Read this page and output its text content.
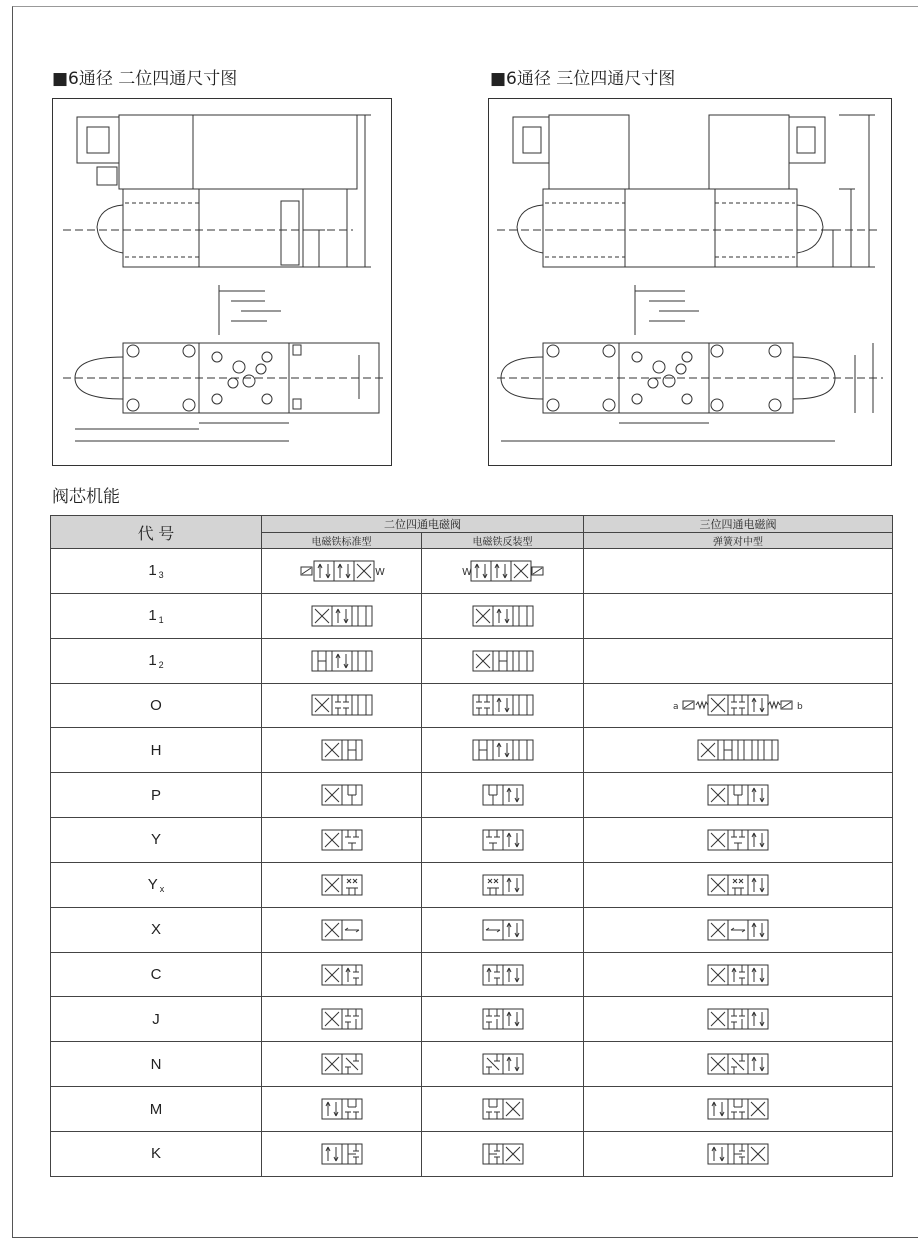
■6通径 二位四通尺寸图	■6通径 三位四通尺寸图
阀芯机能
代 号	二位四通电磁阀		三位四通电磁阀
	电磁铁标准型	电磁铁反装型	弹簧对中型
1 $_3$	W	W	

1 $_1$			
1 $_2$			
O			a b

H			
P			
Y			
Y $_x$			
X			
C			
J			
N			
M			
K			
